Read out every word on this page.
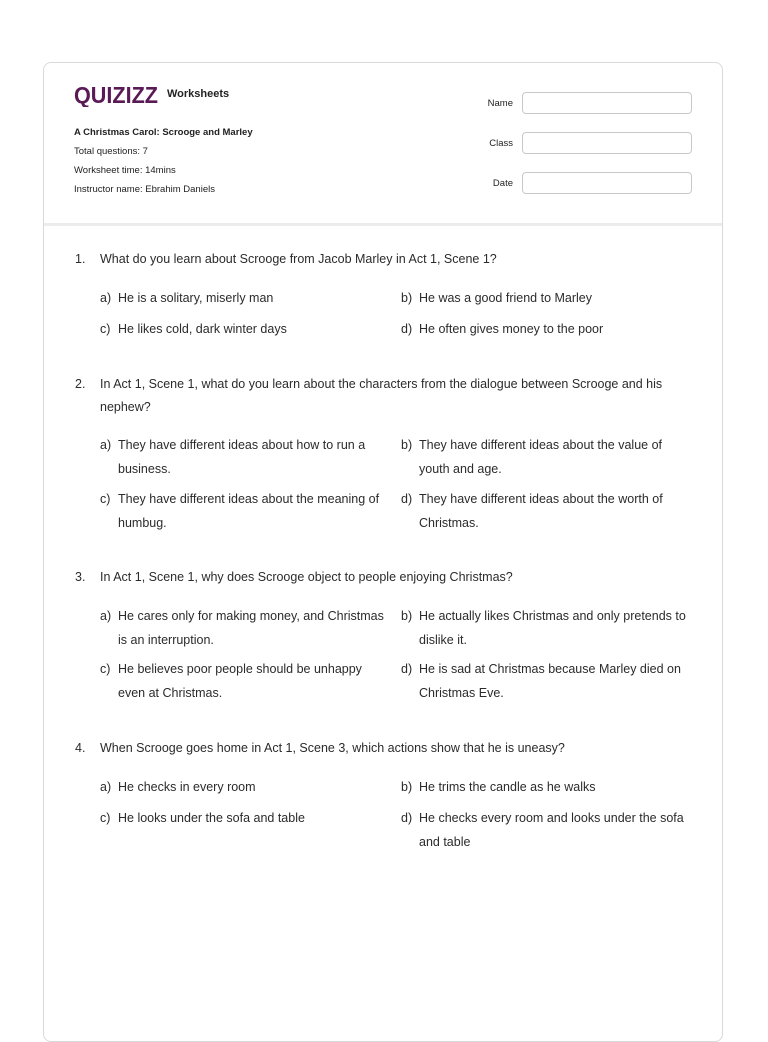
QUIZIZZ Worksheets
A Christmas Carol: Scrooge and Marley
Total questions: 7
Worksheet time: 14mins
Instructor name: Ebrahim Daniels
Name
Class
Date
1. What do you learn about Scrooge from Jacob Marley in Act 1, Scene 1?
a) He is a solitary, miserly man	b) He was a good friend to Marley
c) He likes cold, dark winter days	d) He often gives money to the poor
2. In Act 1, Scene 1, what do you learn about the characters from the dialogue between Scrooge and his nephew?
a) They have different ideas about how to run a business.
b) They have different ideas about the value of youth and age.
c) They have different ideas about the meaning of humbug.
d) They have different ideas about the worth of Christmas.
3. In Act 1, Scene 1, why does Scrooge object to people enjoying Christmas?
a) He cares only for making money, and Christmas is an interruption.
b) He actually likes Christmas and only pretends to dislike it.
c) He believes poor people should be unhappy even at Christmas.
d) He is sad at Christmas because Marley died on Christmas Eve.
4. When Scrooge goes home in Act 1, Scene 3, which actions show that he is uneasy?
a) He checks in every room	b) He trims the candle as he walks
c) He looks under the sofa and table	d) He checks every room and looks under the sofa and table
